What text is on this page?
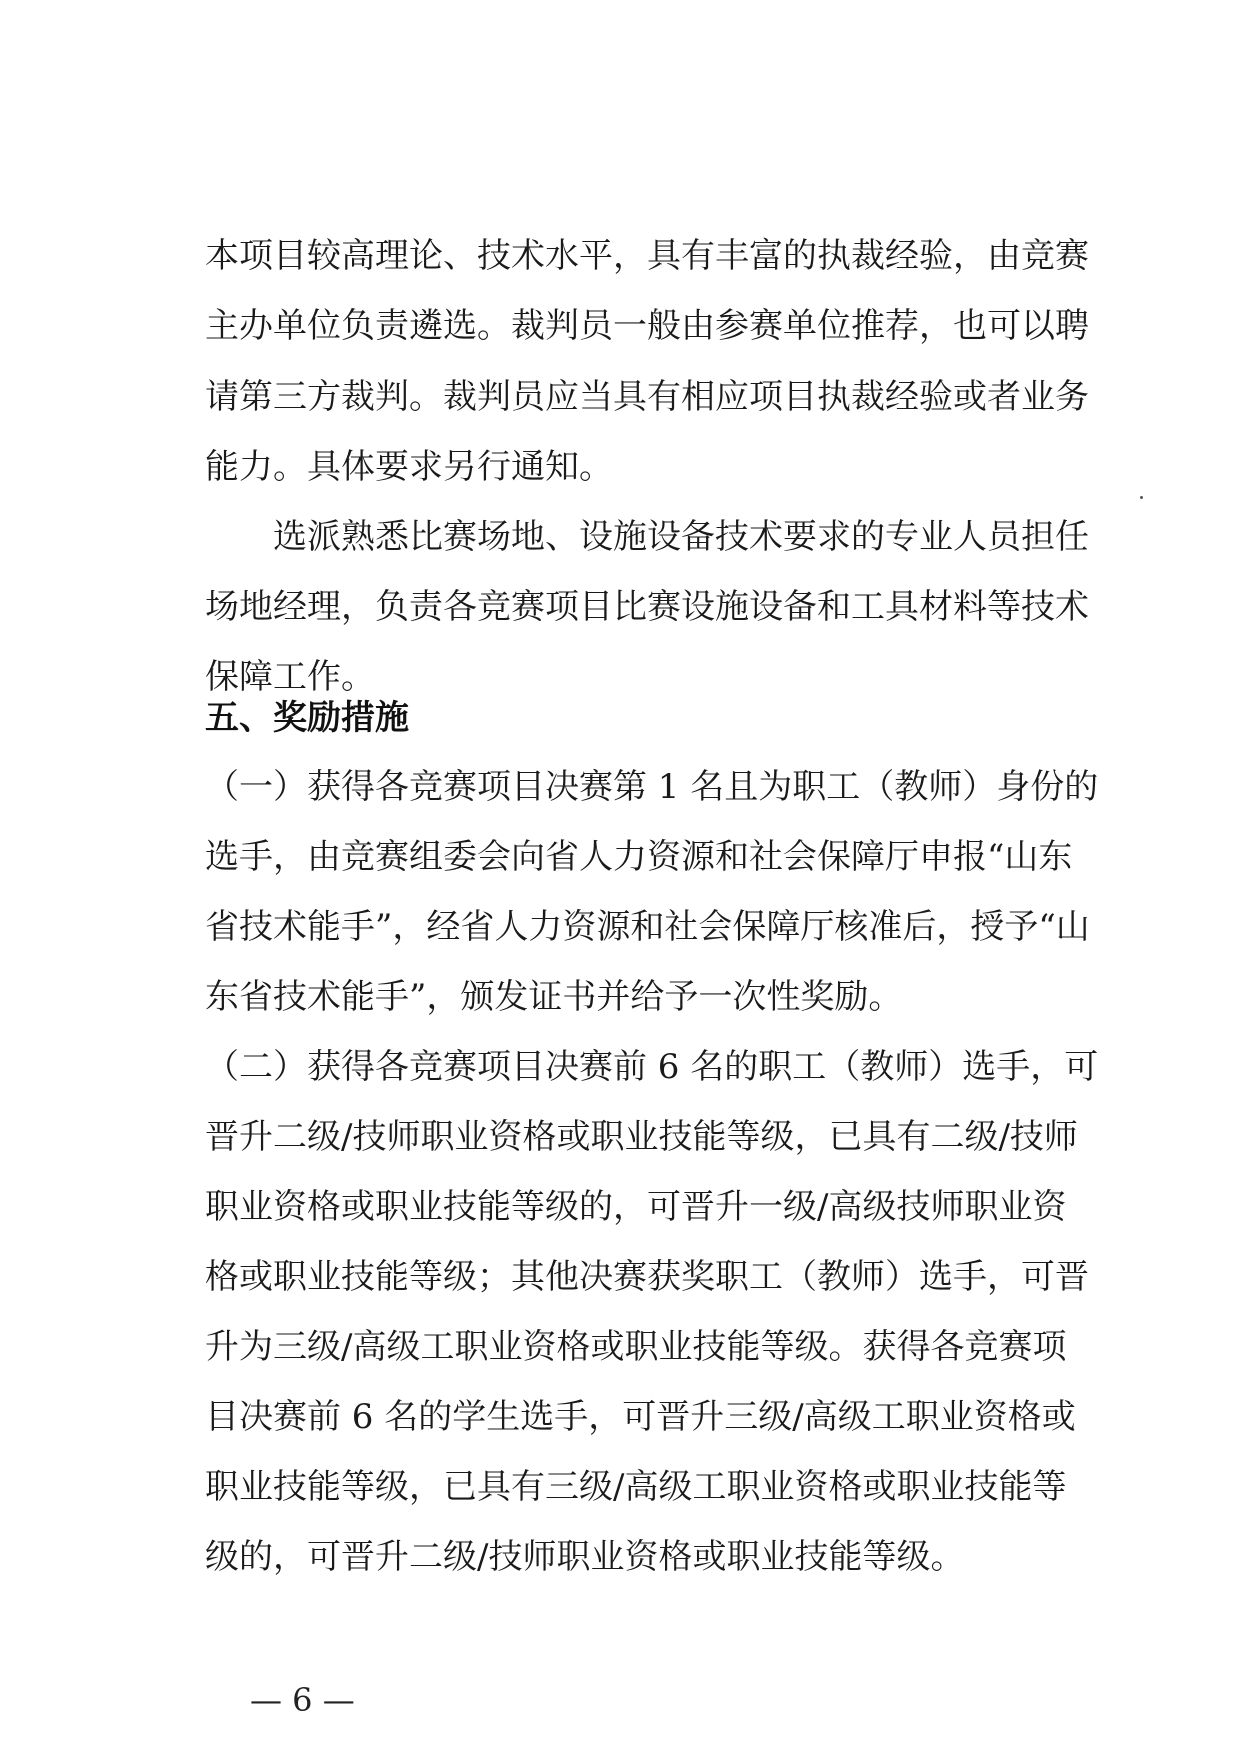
本项目较高理论、技术水平，具有丰富的执裁经验，由竞赛
主办单位负责遴选。裁判员一般由参赛单位推荐，也可以聘
请第三方裁判。裁判员应当具有相应项目执裁经验或者业务
能力。具体要求另行通知。
选派熟悉比赛场地、设施设备技术要求的专业人员担任
场地经理，负责各竞赛项目比赛设施设备和工具材料等技术
保障工作。
五、奖励措施
（一）获得各竞赛项目决赛第 1 名且为职工（教师）身份的
选手，由竞赛组委会向省人力资源和社会保障厅申报“山东
省技术能手”，经省人力资源和社会保障厅核准后，授予“山
东省技术能手”，颁发证书并给予一次性奖励。
（二）获得各竞赛项目决赛前 6 名的职工（教师）选手，可
晋升二级/技师职业资格或职业技能等级，已具有二级/技师
职业资格或职业技能等级的，可晋升一级/高级技师职业资
格或职业技能等级；其他决赛获奖职工（教师）选手，可晋
升为三级/高级工职业资格或职业技能等级。获得各竞赛项
目决赛前 6 名的学生选手，可晋升三级/高级工职业资格或
职业技能等级，已具有三级/高级工职业资格或职业技能等
级的，可晋升二级/技师职业资格或职业技能等级。
— 6 —
